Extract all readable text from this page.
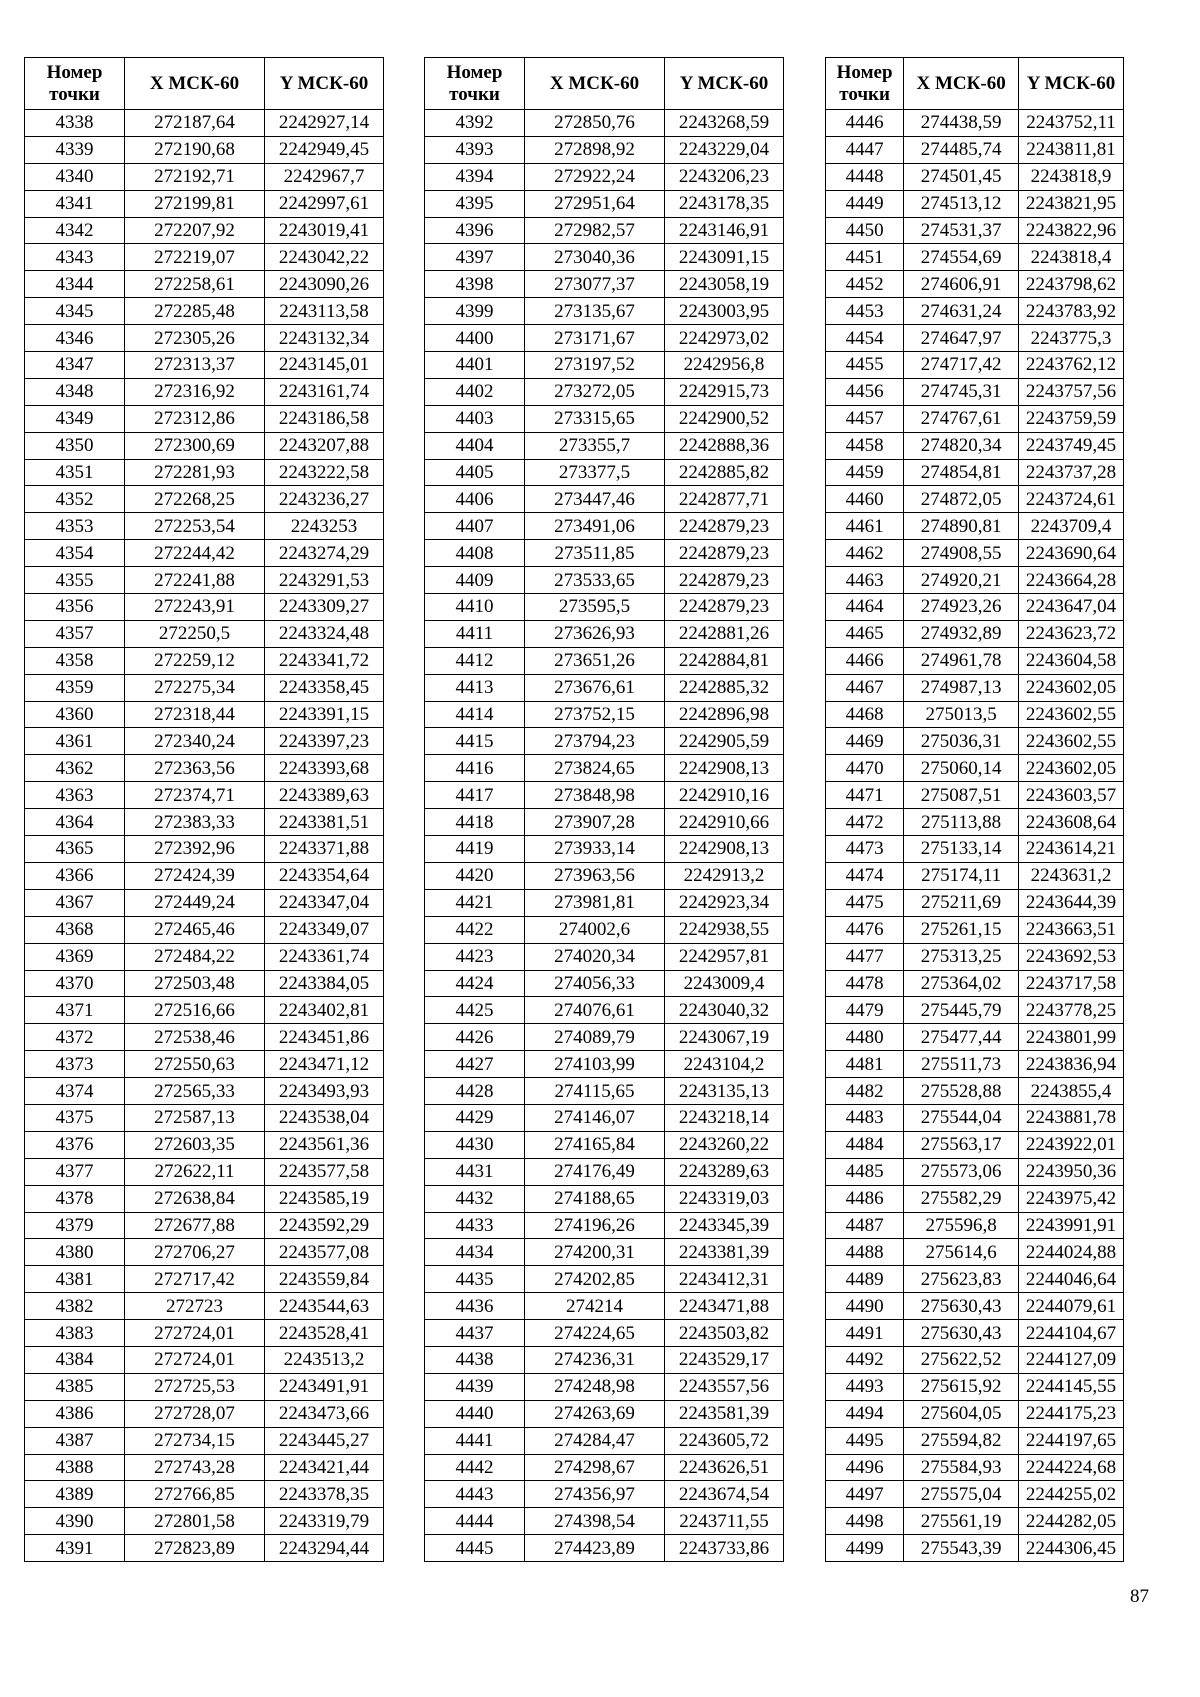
Номер
точки	X МСК-60	Y МСК-60
4338	272187,64	2242927,14
4339	272190,68	2242949,45
4340	272192,71	2242967,7
4341	272199,81	2242997,61
4342	272207,92	2243019,41
4343	272219,07	2243042,22
4344	272258,61	2243090,26
4345	272285,48	2243113,58
4346	272305,26	2243132,34
4347	272313,37	2243145,01
4348	272316,92	2243161,74
4349	272312,86	2243186,58
4350	272300,69	2243207,88
4351	272281,93	2243222,58
4352	272268,25	2243236,27
4353	272253,54	2243253
4354	272244,42	2243274,29
4355	272241,88	2243291,53
4356	272243,91	2243309,27
4357	272250,5	2243324,48
4358	272259,12	2243341,72
4359	272275,34	2243358,45
4360	272318,44	2243391,15
4361	272340,24	2243397,23
4362	272363,56	2243393,68
4363	272374,71	2243389,63
4364	272383,33	2243381,51
4365	272392,96	2243371,88
4366	272424,39	2243354,64
4367	272449,24	2243347,04
4368	272465,46	2243349,07
4369	272484,22	2243361,74
4370	272503,48	2243384,05
4371	272516,66	2243402,81
4372	272538,46	2243451,86
4373	272550,63	2243471,12
4374	272565,33	2243493,93
4375	272587,13	2243538,04
4376	272603,35	2243561,36
4377	272622,11	2243577,58
4378	272638,84	2243585,19
4379	272677,88	2243592,29
4380	272706,27	2243577,08
4381	272717,42	2243559,84
4382	272723	2243544,63
4383	272724,01	2243528,41
4384	272724,01	2243513,2
4385	272725,53	2243491,91
4386	272728,07	2243473,66
4387	272734,15	2243445,27
4388	272743,28	2243421,44
4389	272766,85	2243378,35
4390	272801,58	2243319,79
4391	272823,89	2243294,44
Номер
точки	X МСК-60	Y МСК-60
4392	272850,76	2243268,59
4393	272898,92	2243229,04
4394	272922,24	2243206,23
4395	272951,64	2243178,35
4396	272982,57	2243146,91
4397	273040,36	2243091,15
4398	273077,37	2243058,19
4399	273135,67	2243003,95
4400	273171,67	2242973,02
4401	273197,52	2242956,8
4402	273272,05	2242915,73
4403	273315,65	2242900,52
4404	273355,7	2242888,36
4405	273377,5	2242885,82
4406	273447,46	2242877,71
4407	273491,06	2242879,23
4408	273511,85	2242879,23
4409	273533,65	2242879,23
4410	273595,5	2242879,23
4411	273626,93	2242881,26
4412	273651,26	2242884,81
4413	273676,61	2242885,32
4414	273752,15	2242896,98
4415	273794,23	2242905,59
4416	273824,65	2242908,13
4417	273848,98	2242910,16
4418	273907,28	2242910,66
4419	273933,14	2242908,13
4420	273963,56	2242913,2
4421	273981,81	2242923,34
4422	274002,6	2242938,55
4423	274020,34	2242957,81
4424	274056,33	2243009,4
4425	274076,61	2243040,32
4426	274089,79	2243067,19
4427	274103,99	2243104,2
4428	274115,65	2243135,13
4429	274146,07	2243218,14
4430	274165,84	2243260,22
4431	274176,49	2243289,63
4432	274188,65	2243319,03
4433	274196,26	2243345,39
4434	274200,31	2243381,39
4435	274202,85	2243412,31
4436	274214	2243471,88
4437	274224,65	2243503,82
4438	274236,31	2243529,17
4439	274248,98	2243557,56
4440	274263,69	2243581,39
4441	274284,47	2243605,72
4442	274298,67	2243626,51
4443	274356,97	2243674,54
4444	274398,54	2243711,55
4445	274423,89	2243733,86
Номер
точки	X МСК-60	Y МСК-60
4446	274438,59	2243752,11
4447	274485,74	2243811,81
4448	274501,45	2243818,9
4449	274513,12	2243821,95
4450	274531,37	2243822,96
4451	274554,69	2243818,4
4452	274606,91	2243798,62
4453	274631,24	2243783,92
4454	274647,97	2243775,3
4455	274717,42	2243762,12
4456	274745,31	2243757,56
4457	274767,61	2243759,59
4458	274820,34	2243749,45
4459	274854,81	2243737,28
4460	274872,05	2243724,61
4461	274890,81	2243709,4
4462	274908,55	2243690,64
4463	274920,21	2243664,28
4464	274923,26	2243647,04
4465	274932,89	2243623,72
4466	274961,78	2243604,58
4467	274987,13	2243602,05
4468	275013,5	2243602,55
4469	275036,31	2243602,55
4470	275060,14	2243602,05
4471	275087,51	2243603,57
4472	275113,88	2243608,64
4473	275133,14	2243614,21
4474	275174,11	2243631,2
4475	275211,69	2243644,39
4476	275261,15	2243663,51
4477	275313,25	2243692,53
4478	275364,02	2243717,58
4479	275445,79	2243778,25
4480	275477,44	2243801,99
4481	275511,73	2243836,94
4482	275528,88	2243855,4
4483	275544,04	2243881,78
4484	275563,17	2243922,01
4485	275573,06	2243950,36
4486	275582,29	2243975,42
4487	275596,8	2243991,91
4488	275614,6	2244024,88
4489	275623,83	2244046,64
4490	275630,43	2244079,61
4491	275630,43	2244104,67
4492	275622,52	2244127,09
4493	275615,92	2244145,55
4494	275604,05	2244175,23
4495	275594,82	2244197,65
4496	275584,93	2244224,68
4497	275575,04	2244255,02
4498	275561,19	2244282,05
4499	275543,39	2244306,45
87
